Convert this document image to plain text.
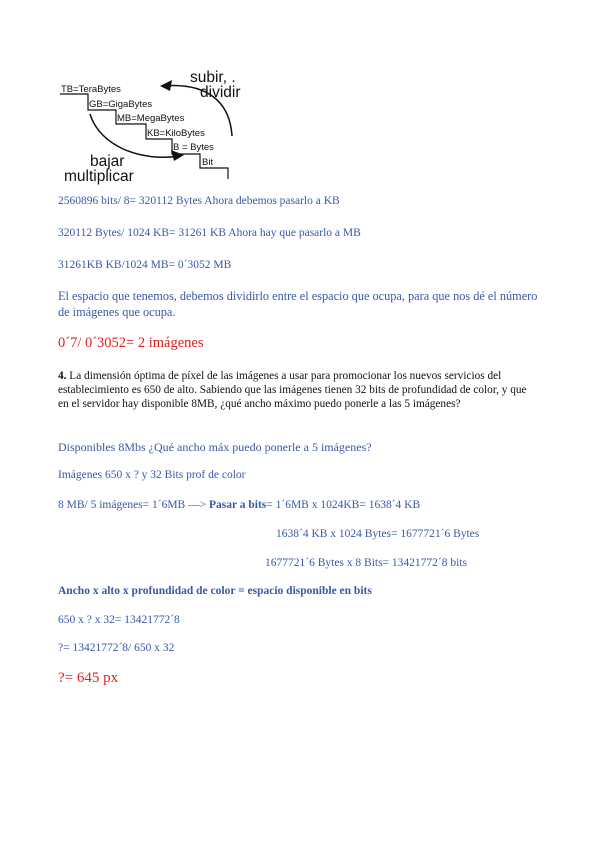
TB=TeraBytes
GB=GigaBytes
MB=MegaBytes
KB=KiloBytes
B = Bytes
Bit
subir, .
dividir
bajar
multiplicar
2560896 bits/ 8= 320112 Bytes Ahora debemos pasarlo a KB
320112 Bytes/ 1024 KB= 31261 KB Ahora hay que pasarlo a MB
31261KB KB/1024 MB= 0´3052 MB
El espacio que tenemos, debemos dividirlo entre el espacio que ocupa, para que nos dé el número de imágenes que ocupa.
0´7/ 0´3052= 2 imágenes
4. La dimensión óptima de píxel de las imágenes a usar para promocionar los nuevos servicios del establecimiento es 650 de alto. Sabiendo que las imágenes tienen 32 bits de profundidad de color, y que en el servidor hay disponible 8MB, ¿qué ancho máximo puedo ponerle a las 5 imágenes?
Disponibles 8Mbs ¿Qué ancho máx puedo ponerle a 5 imágenes?
Imágenes 650 x ? y 32 Bits prof de color
8 MB/ 5 imágenes= 1´6MB —> Pasar a bits= 1´6MB x 1024KB= 1638´4 KB
1638´4 KB x 1024 Bytes= 1677721´6 Bytes
1677721´6 Bytes x 8 Bits= 13421772´8 bits
Ancho x alto x profundidad de color = espacio disponible en bits
650 x ? x 32= 13421772´8
?= 13421772´8/ 650 x 32
?= 645 px
